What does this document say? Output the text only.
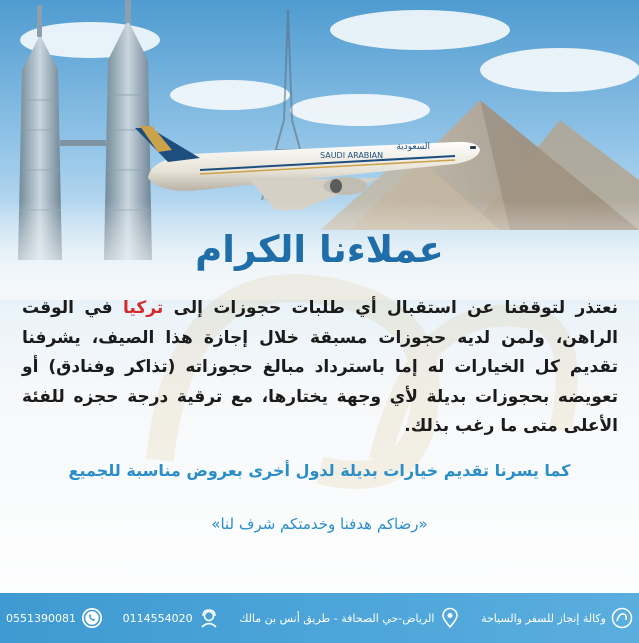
SAUDI ARABIAN
السعودية
عملاءنا الكرام
نعتذر لتوقفنا عن استقبال أي طلبات حجوزات إلى تركيا في الوقت الراهن، ولمن لديه حجوزات مسبقة خلال إجازة هذا الصيف، يشرفنا تقديم كل الخيارات له إما باسترداد مبالغ حجوزاته (تذاكر وفنادق) أو تعويضه بحجوزات بديلة لأي وجهة يختارها، مع ترقية درجة حجزه للفئة الأعلى متى ما رغب بذلك.
كما يسرنا تقديم خيارات بديلة لدول أخرى بعروض مناسبة للجميع
«رضاكم هدفنا وخدمتكم شرف لنا»
0551390081	0114554020	الرياض-حي الصحافة - طريق أنس بن مالك	وكالة إنجاز للسفر والسياحة
